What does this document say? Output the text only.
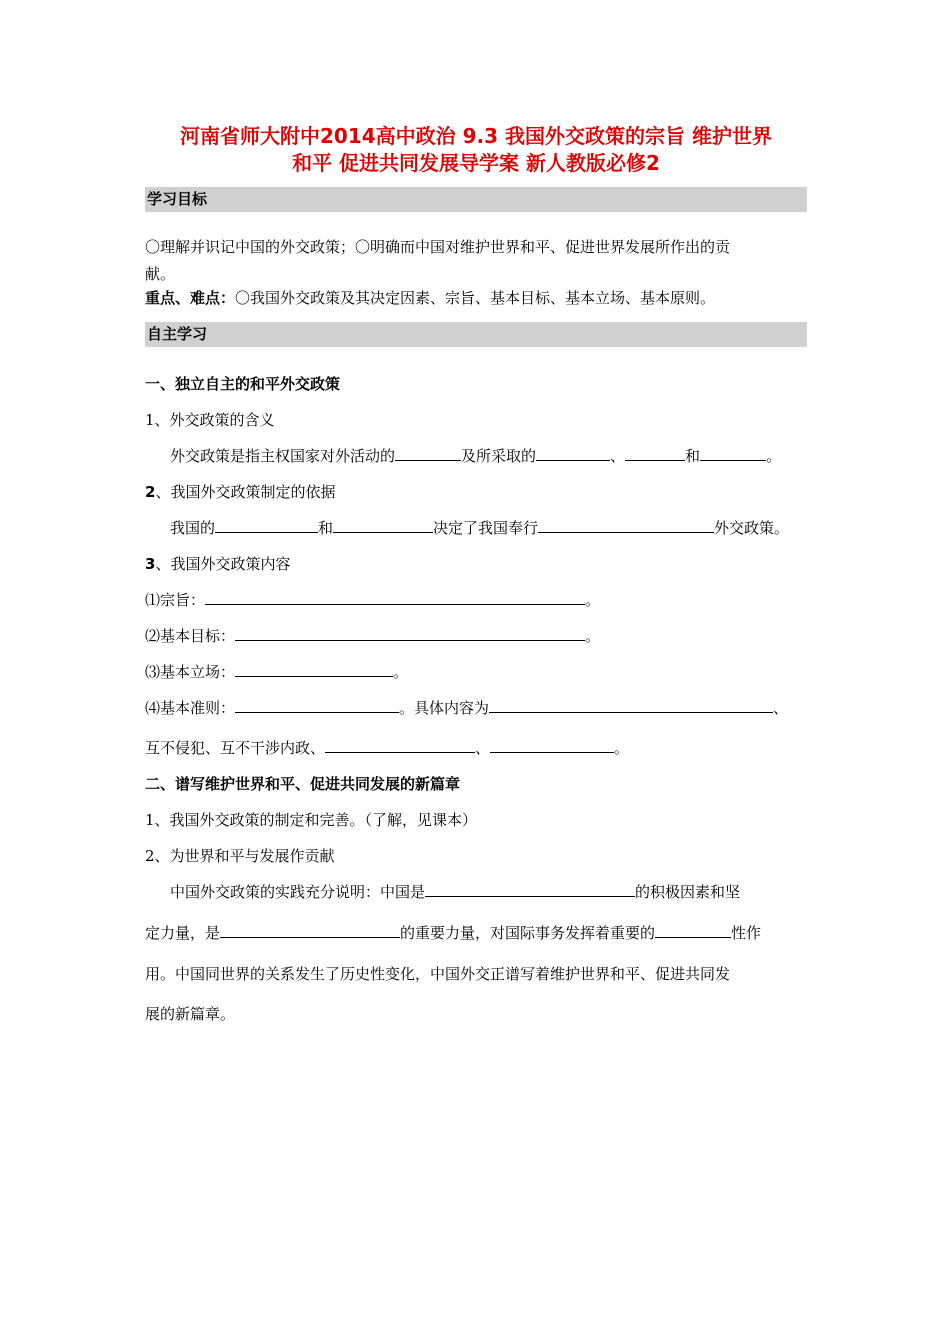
河南省师大附中2014高中政治 9.3 我国外交政策的宗旨 维护世界
和平 促进共同发展导学案 新人教版必修2
学习目标
〇理解并识记中国的外交政策；〇明确而中国对维护世界和平、促进世界发展所作出的贡
献。
重点、难点：〇我国外交政策及其决定因素、宗旨、基本目标、基本立场、基本原则。
自主学习
一、独立自主的和平外交政策
1、外交政策的含义
外交政策是指主权国家对外活动的	及所采取的	、	和	。
2、我国外交政策制定的依据
我国的	和	决定了我国奉行	外交政策。
3、我国外交政策内容
⑴宗旨：	。
⑵基本目标：	。
⑶基本立场：	。
⑷基本准则：	。具体内容为	、
互不侵犯、互不干涉内政、	、	。
二、谱写维护世界和平、促进共同发展的新篇章
1、我国外交政策的制定和完善。（了解，见课本）
2、为世界和平与发展作贡献
中国外交政策的实践充分说明：中国是	的积极因素和坚
定力量，是	的重要力量，对国际事务发挥着重要的	性作
用。中国同世界的关系发生了历史性变化，中国外交正谱写着维护世界和平、促进共同发
展的新篇章。
